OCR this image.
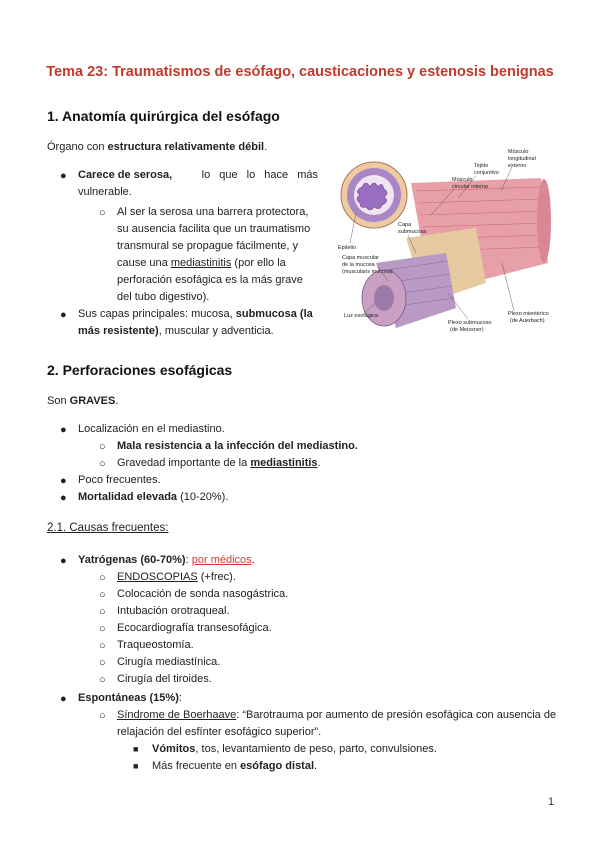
Tema 23: Traumatismos de esófago, causticaciones y estenosis benignas
1. Anatomía quirúrgica del esófago
Órgano con estructura relativamente débil.
● Carece de serosa,	lo que lo hace más
vulnerable.
○ Al ser la serosa una barrera protectora,
su ausencia facilita que un traumatismo
transmural se propague fácilmente, y
cause una mediastinitis (por ello la
perforación esofágica es la más grave
del tubo digestivo).
● Sus capas principales: mucosa, submucosa (la
más resistente), muscular y adventicia.
Músculo longitudinal externo
Tejido conjuntivo
Músculo circular interno
Capa submucosa
Epitelio
Capa muscular de la mucosa (muscularis mucosa)
Luz esofágica
Plexo submucoso (de Meissner)
Plexo mientérico (de Auerbach)
2. Perforaciones esofágicas
Son GRAVES.
● Localización en el mediastino.
○ Mala resistencia a la infección del mediastino.
○ Gravedad importante de la mediastinitis.
● Poco frecuentes.
● Mortalidad elevada (10-20%).
2.1. Causas frecuentes:
● Yatrógenas (60-70%): por médicos.
○ ENDOSCOPIAS (+frec).
○ Colocación de sonda nasogástrica.
○ Intubación orotraqueal.
○ Ecocardiografía transesofágica.
○ Traqueostomía.
○ Cirugía mediastínica.
○ Cirugía del tiroides.
● Espontáneas (15%):
○ Síndrome de Boerhaave: “Barotrauma por aumento de presión esofágica con ausencia de
relajación del esfínter esofágico superior”.
■ Vómitos, tos, levantamiento de peso, parto, convulsiones.
■ Más frecuente en esófago distal.
1
